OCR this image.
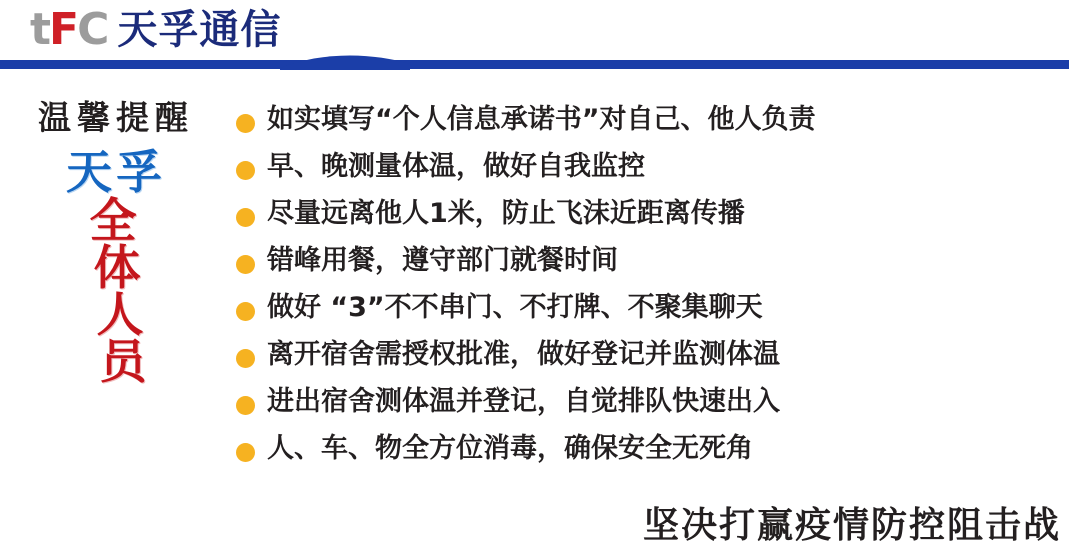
tFC 天孚通信
温馨提醒
天孚
全
体
人
员
如实填写“个人信息承诺书”对自己、他人负责
早、晚测量体温，做好自我监控
尽量远离他人1米，防止飞沫近距离传播
错峰用餐，遵守部门就餐时间
做好 “3”不不串门、不打牌、不聚集聊天
离开宿舍需授权批准，做好登记并监测体温
进出宿舍测体温并登记，自觉排队快速出入
人、车、物全方位消毒，确保安全无死角
坚决打赢疫情防控阻击战
